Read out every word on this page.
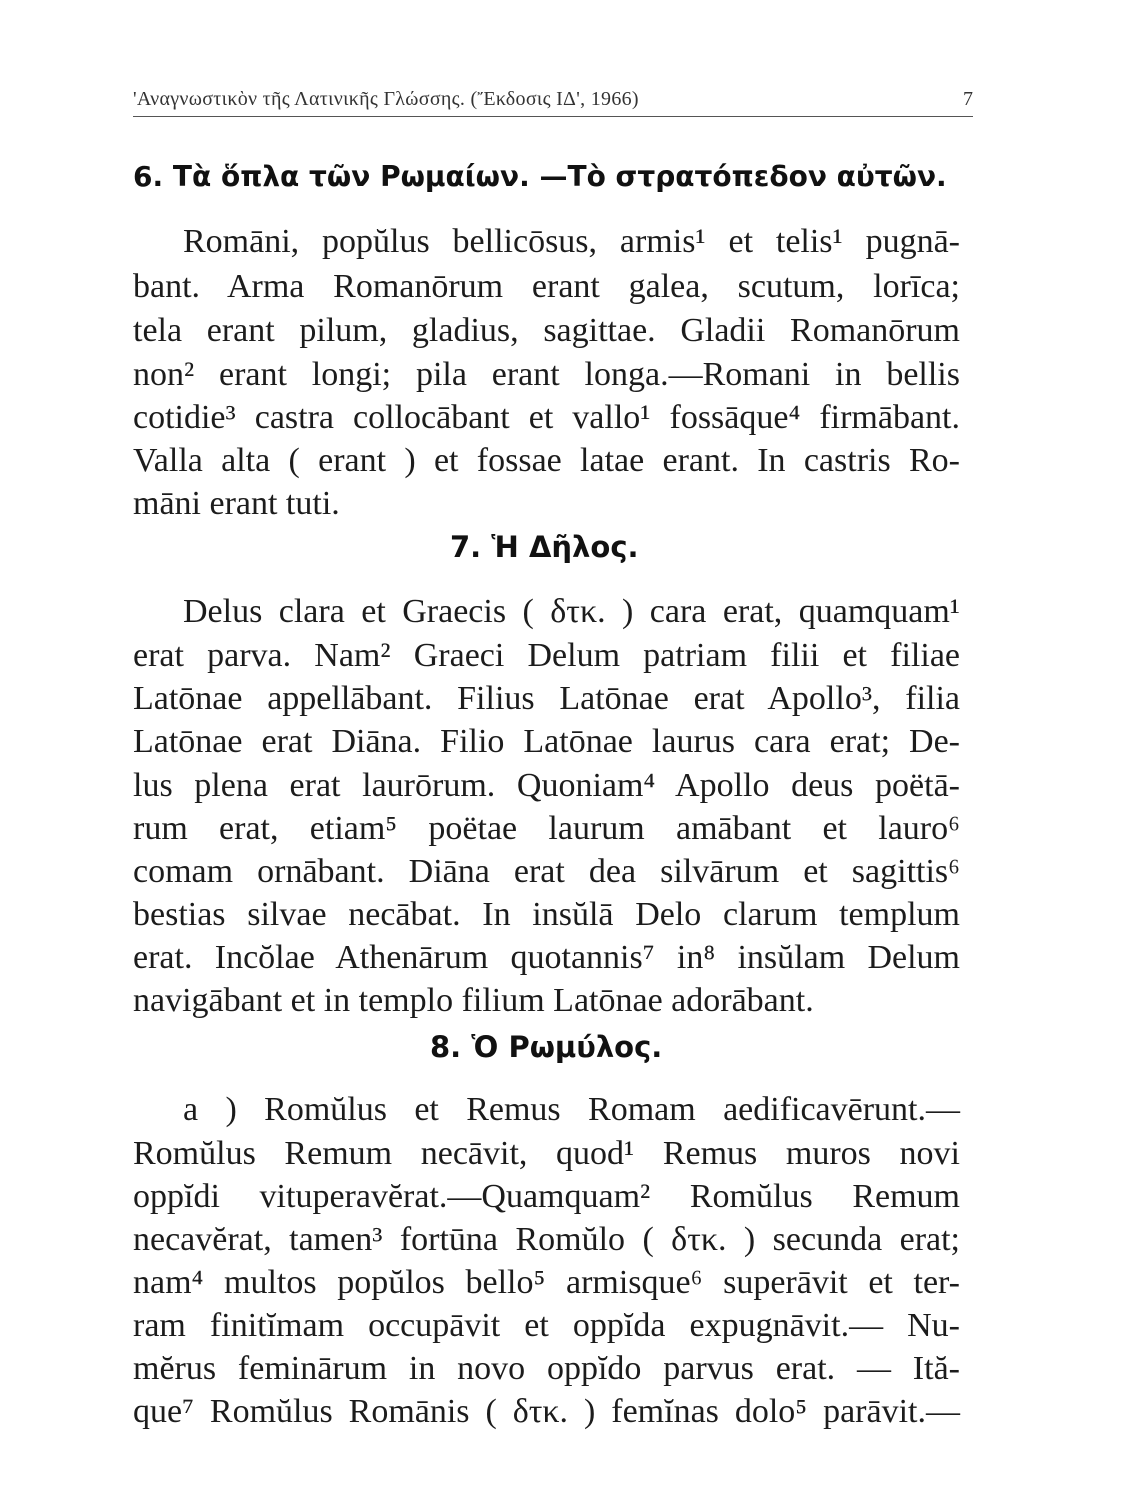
'Αναγνωστικὸν τῆς Λατινικῆς Γλώσσης. (Ἔκδοσις ΙΔ', 1966)	7
6. Τὰ ὅπλα τῶν Ρωμαίων. —Τὸ στρατόπεδον αὐτῶν.
Romāni, popŭlus bellicōsus, armis¹ et telis¹ pugnā-
bant. Arma Romanōrum erant galea, scutum, lorīca;
tela erant pilum, gladius, sagittae. Gladii Romanōrum
non² erant longi; pila erant longa.—Romani in bellis
cotidie³ castra collocābant et vallo¹ fossāque⁴ firmābant.
Valla alta ( erant ) et fossae latae erant. In castris Ro-
māni erant tuti.
7. Ἡ Δῆλος.
Delus clara et Graecis ( δτκ. ) cara erat, quamquam¹
erat parva. Nam² Graeci Delum patriam filii et filiae
Latōnae appellābant. Filius Latōnae erat Apollo³, filia
Latōnae erat Diāna. Filio Latōnae laurus cara erat; De-
lus plena erat laurōrum. Quoniam⁴ Apollo deus poëtā-
rum erat, etiam⁵ poëtae laurum amābant et lauro⁶
comam ornābant. Diāna erat dea silvārum et sagittis⁶
bestias silvae necābat. In insŭlā Delo clarum templum
erat. Incŏlae Athenārum quotannis⁷ in⁸ insŭlam Delum
navigābant et in templo filium Latōnae adorābant.
8. Ὁ Ρωμύλος.
a ) Romŭlus et Remus Romam aedificavērunt.—
Romŭlus Remum necāvit, quod¹ Remus muros novi
oppĭdi vituperavĕrat.—Quamquam² Romŭlus Remum
necavĕrat, tamen³ fortūna Romŭlo ( δτκ. ) secunda erat;
nam⁴ multos popŭlos bello⁵ armisque⁶ superāvit et ter-
ram finitĭmam occupāvit et oppĭda expugnāvit.— Nu-
mĕrus feminārum in novo oppĭdo parvus erat. — Ită-
que⁷ Romŭlus Romānis ( δτκ. ) femĭnas dolo⁵ parāvit.—
